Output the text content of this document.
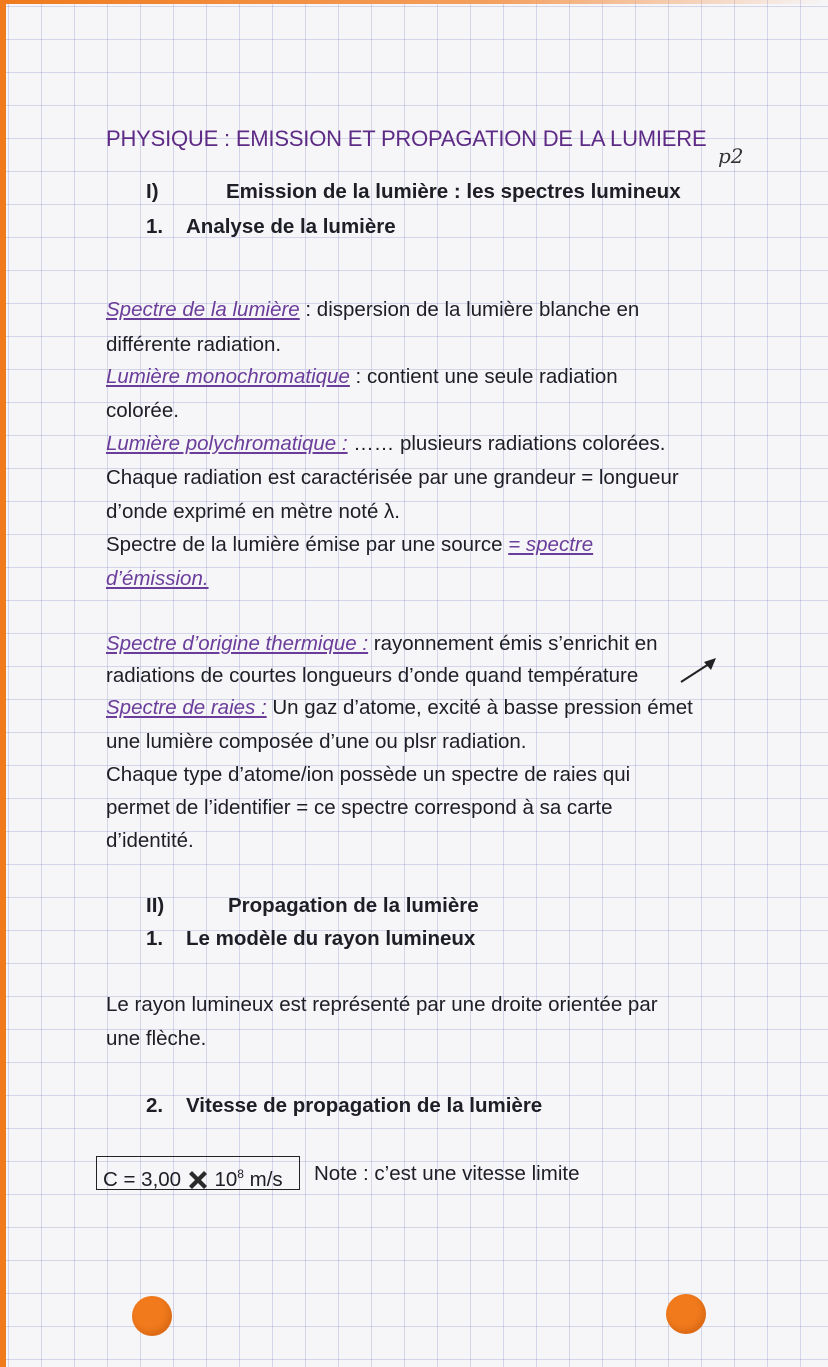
PHYSIQUE : EMISSION ET PROPAGATION DE LA LUMIERE
p2
I)	Emission de la lumière : les spectres lumineux
1. Analyse de la lumière
Spectre de la lumière : dispersion de la lumière blanche en
différente radiation.
Lumière monochromatique : contient une seule radiation
colorée.
Lumière polychromatique : …… plusieurs radiations colorées.
Chaque radiation est caractérisée par une grandeur = longueur
d’onde exprimé en mètre noté λ.
Spectre de la lumière émise par une source = spectre
d’émission.
Spectre d’origine thermique : rayonnement émis s’enrichit en
radiations de courtes longueurs d’onde quand température
Spectre de raies : Un gaz d’atome, excité à basse pression émet
une lumière composée d’une ou plsr radiation.
Chaque type d’atome/ion possède un spectre de raies qui
permet de l’identifier = ce spectre correspond à sa carte
d’identité.
II)	Propagation de la lumière
1. Le modèle du rayon lumineux
Le rayon lumineux est représenté par une droite orientée par
une flèche.
2. Vitesse de propagation de la lumière
C = 3,00  $10^8$ m/s Note : c’est une vitesse limite
